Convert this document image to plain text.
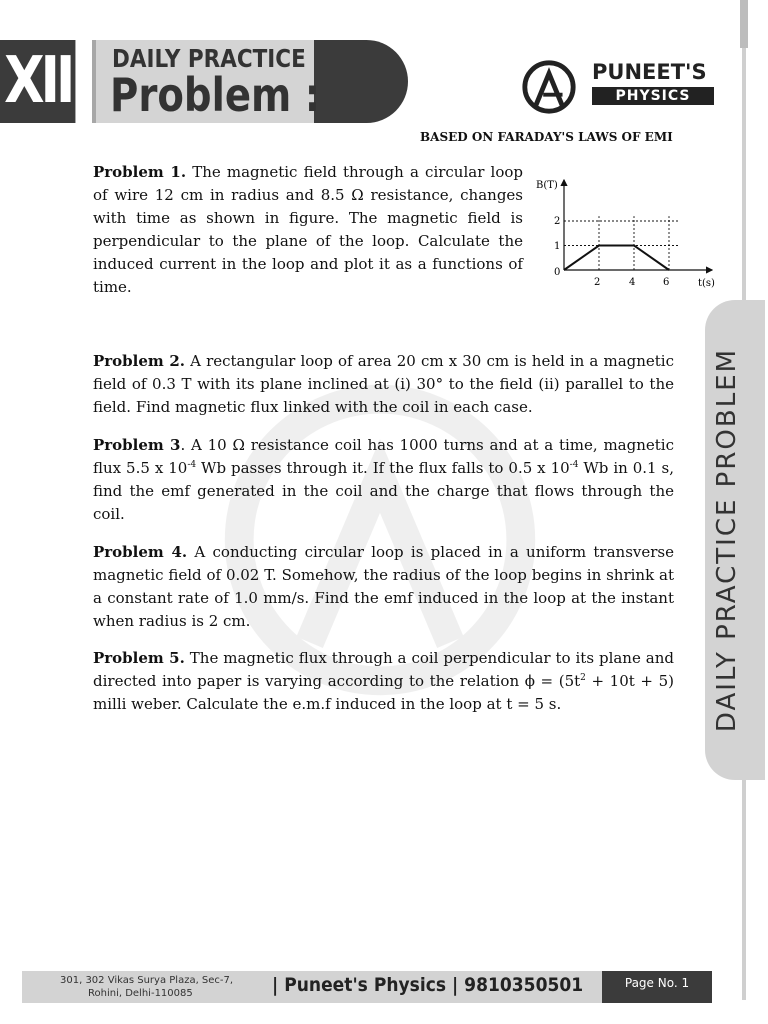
DAILY PRACTICE PROBLEM
XII DAILY PRACTICE
Problem :	PUNEET'S
PHYSICS
BASED ON FARADAY'S LAWS OF EMI

Problem 1. The magnetic field through a circular loop of wire 12 cm in radius and 8.5 Ω resistance, changes with time as shown in figure. The magnetic field is perpendicular to the plane of the loop. Calculate the induced current in the loop and plot it as a functions of time.

B(T)
t(s)
0
1
2
2	4	6

Problem 2. A rectangular loop of area 20 cm x 30 cm is held in a magnetic field of 0.3 T with its plane inclined at (i) 30° to the field (ii) parallel to the field. Find magnetic flux linked with the coil in each case.

Problem 3. A 10 Ω resistance coil has 1000 turns and at a time, magnetic flux 5.5 x $10^{-4}$ Wb passes through it. If the flux falls to 0.5 x $10^{-4}$ Wb in 0.1 s, find the emf generated in the coil and the charge that flows through the coil.

Problem 4. A conducting circular loop is placed in a uniform transverse magnetic field of 0.02 T. Somehow, the radius of the loop begins in shrink at a constant rate of 1.0 mm/s. Find the emf induced in the loop at the instant when radius is 2 cm.

Problem 5. The magnetic flux through a coil perpendicular to its plane and directed into paper is varying according to the relation $\phi = (5t^2 + 10t + 5)$ milli weber. Calculate the e.m.f induced in the loop at t = 5 s.

301, 302 Vikas Surya Plaza, Sec-7,
Rohini, Delhi-110085	| Puneet's Physics | 9810350501	Page No. 1
